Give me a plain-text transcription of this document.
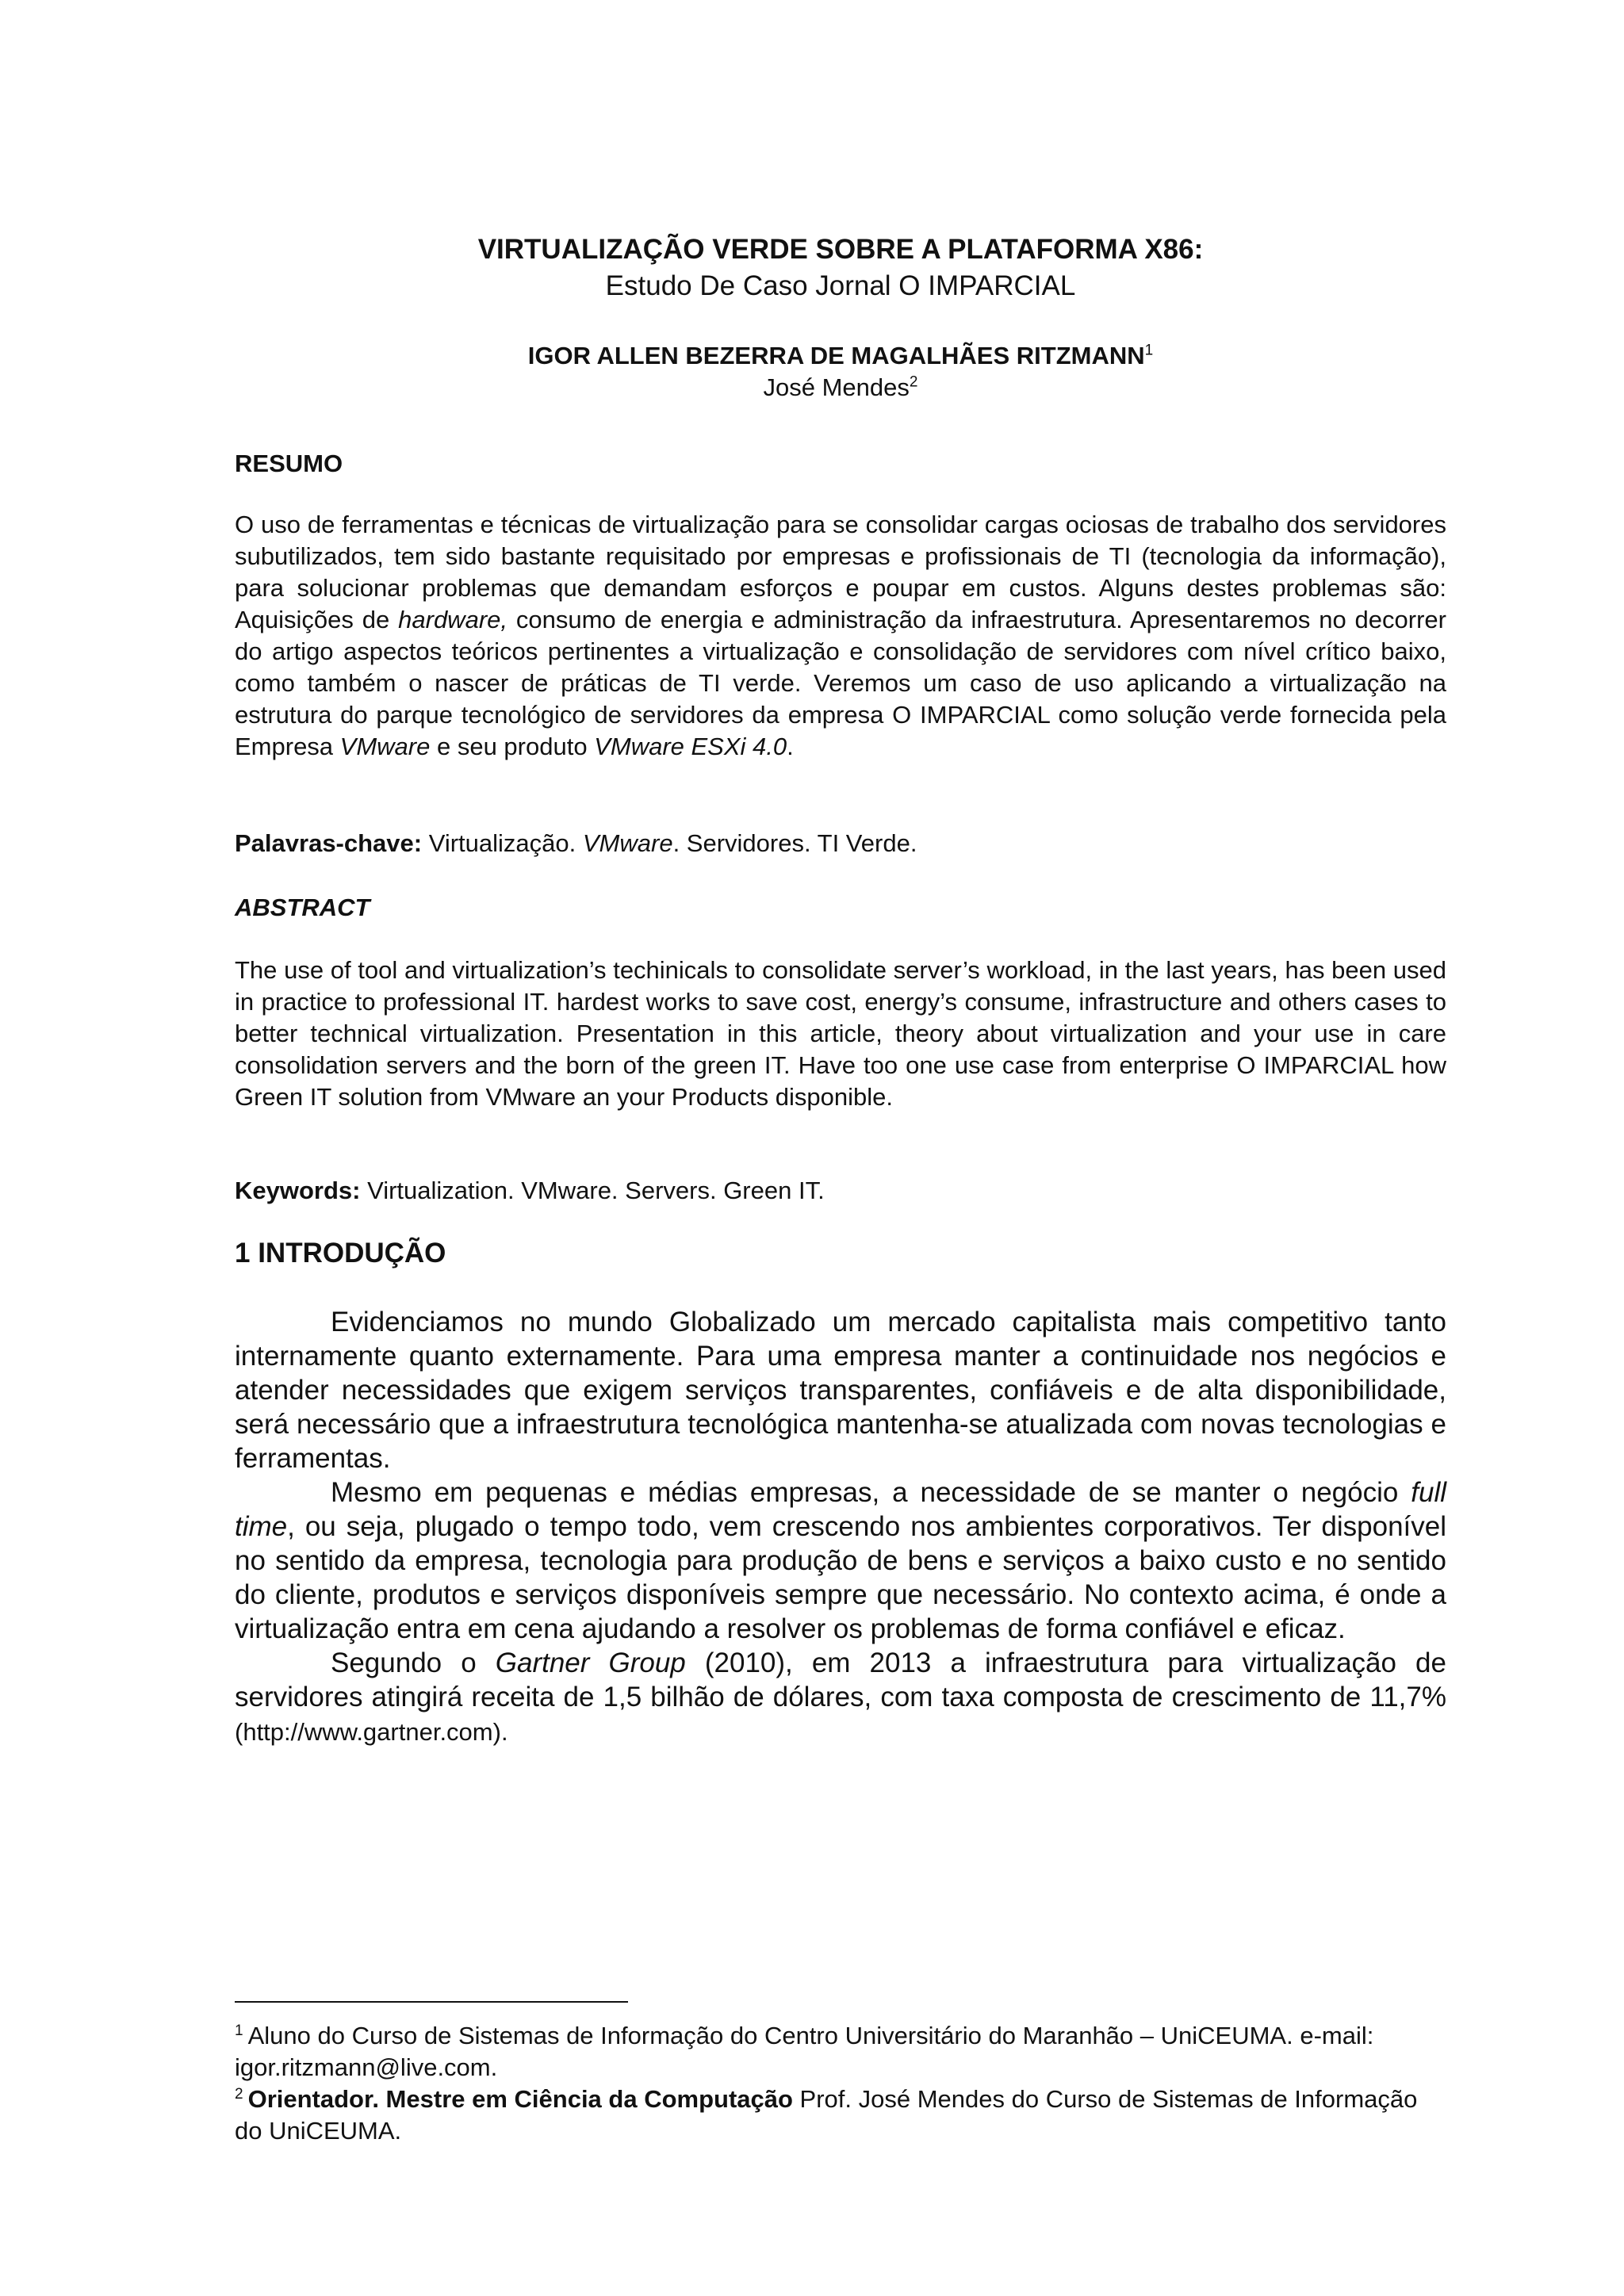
VIRTUALIZAÇÃO VERDE SOBRE A PLATAFORMA X86:
Estudo De Caso Jornal O IMPARCIAL
IGOR ALLEN BEZERRA DE MAGALHÃES RITZMANN$^1$
José Mendes$^2$
RESUMO

O uso de ferramentas e técnicas de virtualização para se consolidar cargas ociosas de trabalho dos servidores subutilizados, tem sido bastante requisitado por empresas e profissionais de TI (tecnologia da informação), para solucionar problemas que demandam esforços e poupar em custos. Alguns destes problemas são: Aquisições de hardware, consumo de energia e administração da infraestrutura. Apresentaremos no decorrer do artigo aspectos teóricos pertinentes a virtualização e consolidação de servidores com nível crítico baixo, como também o nascer de práticas de TI verde. Veremos um caso de uso aplicando a virtualização na estrutura do parque tecnológico de servidores da empresa O IMPARCIAL como solução verde fornecida pela Empresa VMware e seu produto VMware ESXi 4.0.

Palavras-chave: Virtualização. VMware. Servidores. TI Verde.
ABSTRACT

The use of tool and virtualization’s techinicals to consolidate server’s workload, in the last years, has been used in practice to professional IT. hardest works to save cost, energy’s consume, infrastructure and others cases to better technical virtualization. Presentation in this article, theory about virtualization and your use in care consolidation servers and the born of the green IT. Have too one use case from enterprise O IMPARCIAL how Green IT solution from VMware an your Products disponible.

Keywords: Virtualization. VMware. Servers. Green IT.
1 INTRODUÇÃO

Evidenciamos no mundo Globalizado um mercado capitalista mais competitivo tanto internamente quanto externamente. Para uma empresa manter a continuidade nos negócios e atender necessidades que exigem serviços transparentes, confiáveis e de alta disponibilidade, será necessário que a infraestrutura tecnológica mantenha-se atualizada com novas tecnologias e ferramentas.

Mesmo em pequenas e médias empresas, a necessidade de se manter o negócio full time, ou seja, plugado o tempo todo, vem crescendo nos ambientes corporativos. Ter disponível no sentido da empresa, tecnologia para produção de bens e serviços a baixo custo e no sentido do cliente, produtos e serviços disponíveis sempre que necessário. No contexto acima, é onde a virtualização entra em cena ajudando a resolver os problemas de forma confiável e eficaz.

Segundo o Gartner Group (2010), em 2013 a infraestrutura para virtualização de servidores atingirá receita de 1,5 bilhão de dólares, com taxa composta de crescimento de 11,7% (http://www.gartner.com).

$^1$ Aluno do Curso de Sistemas de Informação do Centro Universitário do Maranhão – UniCEUMA. e-mail: igor.ritzmann@live.com.

$^2$ Orientador. Mestre em Ciência da Computação Prof. José Mendes do Curso de Sistemas de Informação do UniCEUMA.
